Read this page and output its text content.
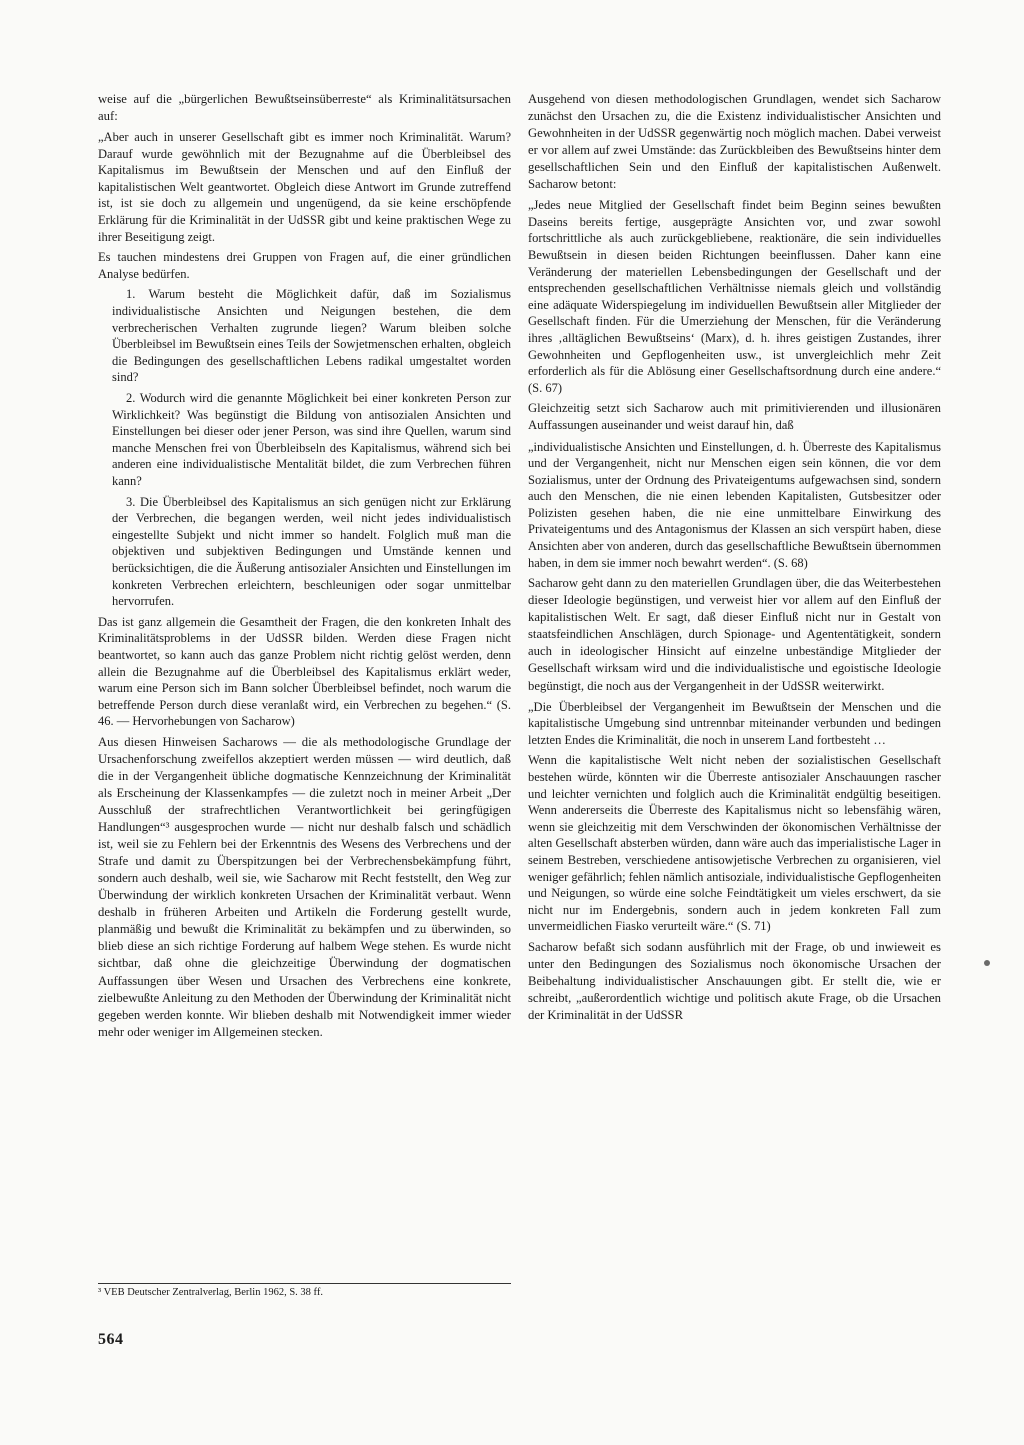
weise auf die „bürgerlichen Bewußtseinsüberreste“ als Kriminalitätsursachen auf:

„Aber auch in unserer Gesellschaft gibt es immer noch Kriminalität. Warum? Darauf wurde gewöhnlich mit der Bezugnahme auf die Überbleibsel des Kapitalismus im Bewußtsein der Menschen und auf den Einfluß der kapitalistischen Welt geantwortet. Obgleich diese Antwort im Grunde zutreffend ist, ist sie doch zu allgemein und ungenügend, da sie keine erschöpfende Erklärung für die Kriminalität in der UdSSR gibt und keine praktischen Wege zu ihrer Beseitigung zeigt.

Es tauchen mindestens drei Gruppen von Fragen auf, die einer gründlichen Analyse bedürfen.

1. Warum besteht die Möglichkeit dafür, daß im Sozialismus individualistische Ansichten und Neigungen bestehen, die dem verbrecherischen Verhalten zugrunde liegen? Warum bleiben solche Überbleibsel im Bewußtsein eines Teils der Sowjetmenschen erhalten, obgleich die Bedingungen des gesellschaftlichen Lebens radikal umgestaltet worden sind?

2. Wodurch wird die genannte Möglichkeit bei einer konkreten Person zur Wirklichkeit? Was begünstigt die Bildung von antisozialen Ansichten und Einstellungen bei dieser oder jener Person, was sind ihre Quellen, warum sind manche Menschen frei von Überbleibseln des Kapitalismus, während sich bei anderen eine individualistische Mentalität bildet, die zum Verbrechen führen kann?

3. Die Überbleibsel des Kapitalismus an sich genügen nicht zur Erklärung der Verbrechen, die begangen werden, weil nicht jedes individualistisch eingestellte Subjekt und nicht immer so handelt. Folglich muß man die objektiven und subjektiven Bedingungen und Umstände kennen und berücksichtigen, die die Äußerung antisozialer Ansichten und Einstellungen im konkreten Verbrechen erleichtern, beschleunigen oder sogar unmittelbar hervorrufen.

Das ist ganz allgemein die Gesamtheit der Fragen, die den konkreten Inhalt des Kriminalitätsproblems in der UdSSR bilden. Werden diese Fragen nicht beantwortet, so kann auch das ganze Problem nicht richtig gelöst werden, denn allein die Bezugnahme auf die Überbleibsel des Kapitalismus erklärt weder, warum eine Person sich im Bann solcher Überbleibsel befindet, noch warum die betreffende Person durch diese veranlaßt wird, ein Verbrechen zu begehen.“ (S. 46. — Hervorhebungen von Sacharow)

Aus diesen Hinweisen Sacharows — die als methodologische Grundlage der Ursachenforschung zweifellos akzeptiert werden müssen — wird deutlich, daß die in der Vergangenheit übliche dogmatische Kennzeichnung der Kriminalität als Erscheinung der Klassenkampfes — die zuletzt noch in meiner Arbeit „Der Ausschluß der strafrechtlichen Verantwortlichkeit bei geringfügigen Handlungen“³ ausgesprochen wurde — nicht nur deshalb falsch und schädlich ist, weil sie zu Fehlern bei der Erkenntnis des Wesens des Verbrechens und der Strafe und damit zu Überspitzungen bei der Verbrechensbekämpfung führt, sondern auch deshalb, weil sie, wie Sacharow mit Recht feststellt, den Weg zur Überwindung der wirklich konkreten Ursachen der Kriminalität verbaut. Wenn deshalb in früheren Arbeiten und Artikeln die Forderung gestellt wurde, planmäßig und bewußt die Kriminalität zu bekämpfen und zu überwinden, so blieb diese an sich richtige Forderung auf halbem Wege stehen. Es wurde nicht sichtbar, daß ohne die gleichzeitige Überwindung der dogmatischen Auffassungen über Wesen und Ursachen des Verbrechens eine konkrete, zielbewußte Anleitung zu den Methoden der Überwindung der Kriminalität nicht gegeben werden konnte. Wir blieben deshalb mit Notwendigkeit immer wieder mehr oder weniger im Allgemeinen stecken.

Ausgehend von diesen methodologischen Grundlagen, wendet sich Sacharow zunächst den Ursachen zu, die die Existenz individualistischer Ansichten und Gewohnheiten in der UdSSR gegenwärtig noch möglich machen. Dabei verweist er vor allem auf zwei Umstände: das Zurückbleiben des Bewußtseins hinter dem gesellschaftlichen Sein und den Einfluß der kapitalistischen Außenwelt. Sacharow betont:

„Jedes neue Mitglied der Gesellschaft findet beim Beginn seines bewußten Daseins bereits fertige, ausgeprägte Ansichten vor, und zwar sowohl fortschrittliche als auch zurückgebliebene, reaktionäre, die sein individuelles Bewußtsein in diesen beiden Richtungen beeinflussen. Daher kann eine Veränderung der materiellen Lebensbedingungen der Gesellschaft und der entsprechenden gesellschaftlichen Verhältnisse niemals gleich und vollständig eine adäquate Widerspiegelung im individuellen Bewußtsein aller Mitglieder der Gesellschaft finden. Für die Umerziehung der Menschen, für die Veränderung ihres ‚alltäglichen Bewußtseins‘ (Marx), d. h. ihres geistigen Zustandes, ihrer Gewohnheiten und Gepflogenheiten usw., ist unvergleichlich mehr Zeit erforderlich als für die Ablösung einer Gesellschaftsordnung durch eine andere.“ (S. 67)

Gleichzeitig setzt sich Sacharow auch mit primitivierenden und illusionären Auffassungen auseinander und weist darauf hin, daß

„individualistische Ansichten und Einstellungen, d. h. Überreste des Kapitalismus und der Vergangenheit, nicht nur Menschen eigen sein können, die vor dem Sozialismus, unter der Ordnung des Privateigentums aufgewachsen sind, sondern auch den Menschen, die nie einen lebenden Kapitalisten, Gutsbesitzer oder Polizisten gesehen haben, die nie eine unmittelbare Einwirkung des Privateigentums und des Antagonismus der Klassen an sich verspürt haben, diese Ansichten aber von anderen, durch das gesellschaftliche Bewußtsein übernommen haben, in dem sie immer noch bewahrt werden“. (S. 68)

Sacharow geht dann zu den materiellen Grundlagen über, die das Weiterbestehen dieser Ideologie begünstigen, und verweist hier vor allem auf den Einfluß der kapitalistischen Welt. Er sagt, daß dieser Einfluß nicht nur in Gestalt von staatsfeindlichen Anschlägen, durch Spionage- und Agententätigkeit, sondern auch in ideologischer Hinsicht auf einzelne unbeständige Mitglieder der Gesellschaft wirksam wird und die individualistische und egoistische Ideologie begünstigt, die noch aus der Vergangenheit in der UdSSR weiterwirkt.

„Die Überbleibsel der Vergangenheit im Bewußtsein der Menschen und die kapitalistische Umgebung sind untrennbar miteinander verbunden und bedingen letzten Endes die Kriminalität, die noch in unserem Land fortbesteht …

Wenn die kapitalistische Welt nicht neben der sozialistischen Gesellschaft bestehen würde, könnten wir die Überreste antisozialer Anschauungen rascher und leichter vernichten und folglich auch die Kriminalität endgültig beseitigen. Wenn andererseits die Überreste des Kapitalismus nicht so lebensfähig wären, wenn sie gleichzeitig mit dem Verschwinden der ökonomischen Verhältnisse der alten Gesellschaft absterben würden, dann wäre auch das imperialistische Lager in seinem Bestreben, verschiedene antisowjetische Verbrechen zu organisieren, viel weniger gefährlich; fehlen nämlich antisoziale, individualistische Gepflogenheiten und Neigungen, so würde eine solche Feindtätigkeit um vieles erschwert, da sie nicht nur im Endergebnis, sondern auch in jedem konkreten Fall zum unvermeidlichen Fiasko verurteilt wäre.“ (S. 71)

Sacharow befaßt sich sodann ausführlich mit der Frage, ob und inwieweit es unter den Bedingungen des Sozialismus noch ökonomische Ursachen der Beibehaltung individualistischer Anschauungen gibt. Er stellt die, wie er schreibt, „außerordentlich wichtige und politisch akute Frage, ob die Ursachen der Kriminalität in der UdSSR

³ VEB Deutscher Zentralverlag, Berlin 1962, S. 38 ff.
564
